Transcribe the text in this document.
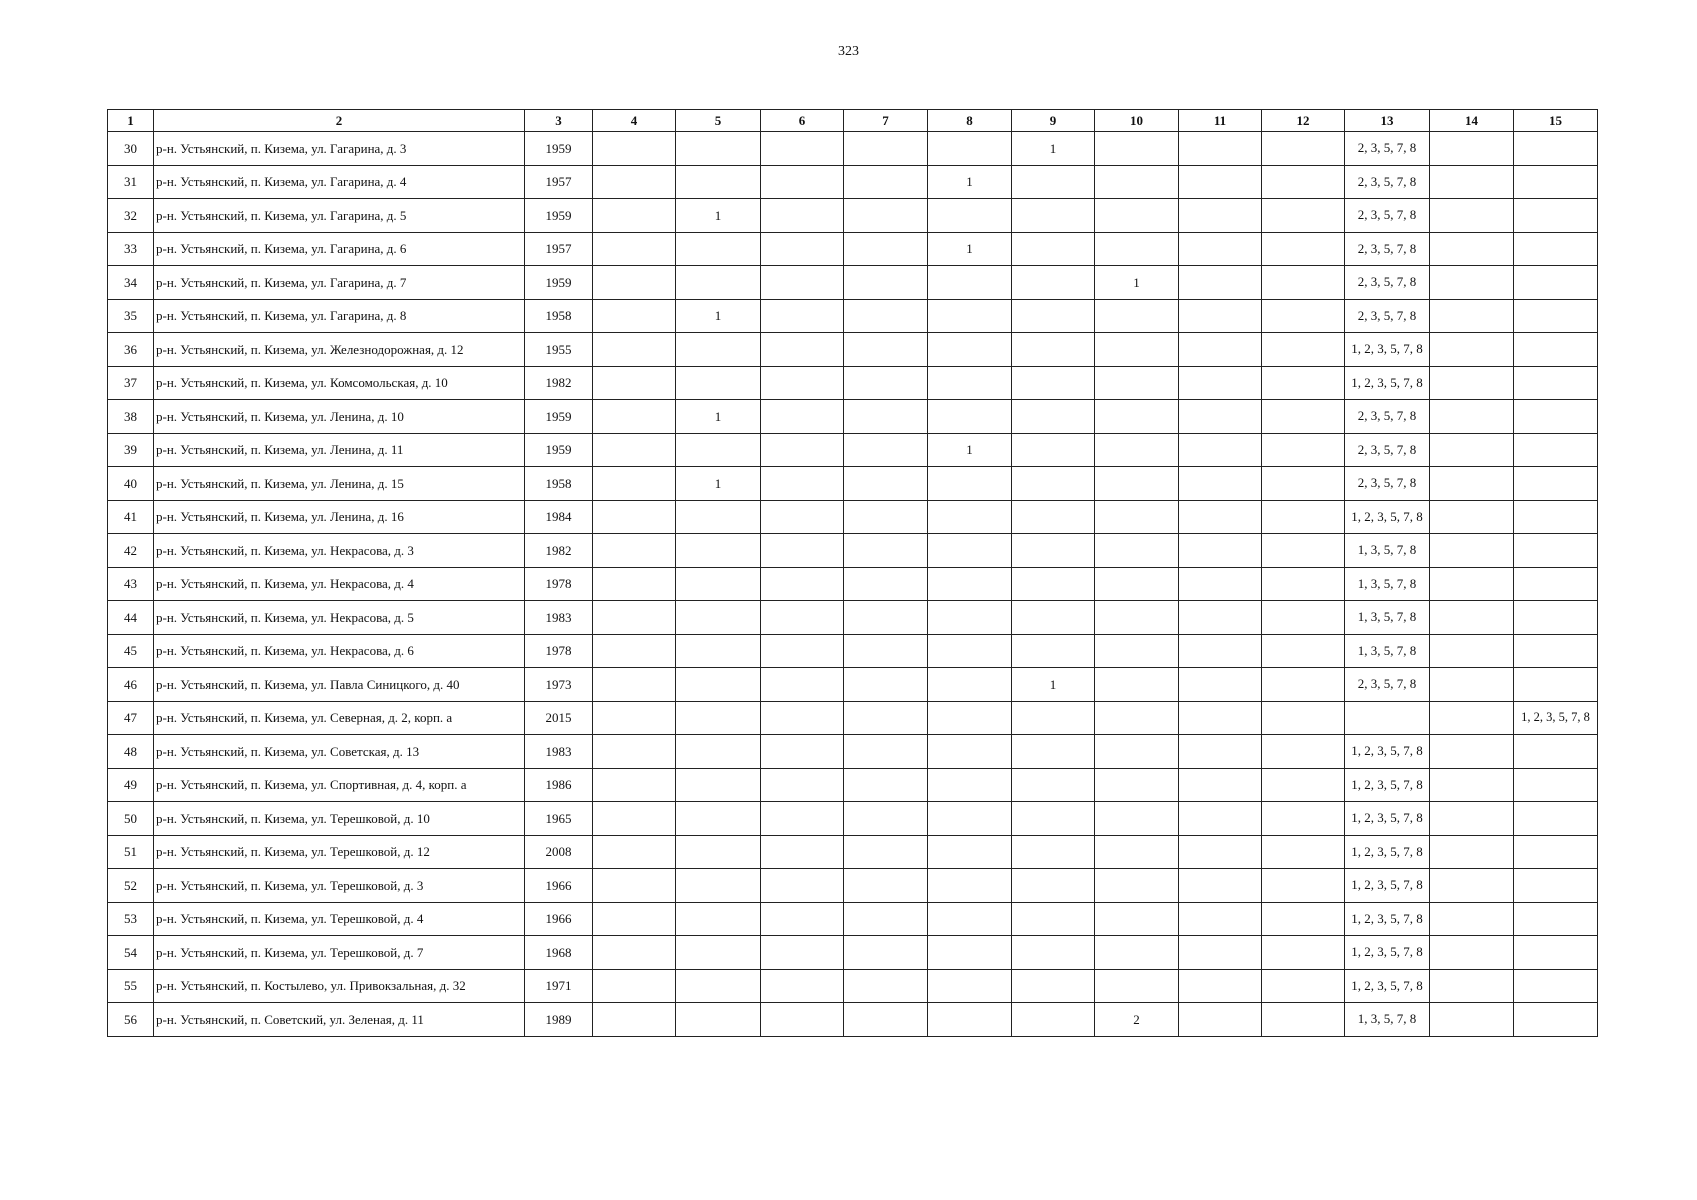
323
1	2	3	4	5	6	7	8	9	10	11	12	13	14	15
30	р-н. Устьянский, п. Кизема, ул. Гагарина, д. 3	1959						1				2, 3, 5, 7, 8		
31	р-н. Устьянский, п. Кизема, ул. Гагарина, д. 4	1957					1					2, 3, 5, 7, 8		
32	р-н. Устьянский, п. Кизема, ул. Гагарина, д. 5	1959		1								2, 3, 5, 7, 8		
33	р-н. Устьянский, п. Кизема, ул. Гагарина, д. 6	1957					1					2, 3, 5, 7, 8		
34	р-н. Устьянский, п. Кизема, ул. Гагарина, д. 7	1959							1			2, 3, 5, 7, 8		
35	р-н. Устьянский, п. Кизема, ул. Гагарина, д. 8	1958		1								2, 3, 5, 7, 8		
36	р-н. Устьянский, п. Кизема, ул. Железнодорожная, д. 12	1955										1, 2, 3, 5, 7, 8		
37	р-н. Устьянский, п. Кизема, ул. Комсомольская, д. 10	1982										1, 2, 3, 5, 7, 8		
38	р-н. Устьянский, п. Кизема, ул. Ленина, д. 10	1959		1								2, 3, 5, 7, 8		
39	р-н. Устьянский, п. Кизема, ул. Ленина, д. 11	1959					1					2, 3, 5, 7, 8		
40	р-н. Устьянский, п. Кизема, ул. Ленина, д. 15	1958		1								2, 3, 5, 7, 8		
41	р-н. Устьянский, п. Кизема, ул. Ленина, д. 16	1984										1, 2, 3, 5, 7, 8		
42	р-н. Устьянский, п. Кизема, ул. Некрасова, д. 3	1982										1, 3, 5, 7, 8		
43	р-н. Устьянский, п. Кизема, ул. Некрасова, д. 4	1978										1, 3, 5, 7, 8		
44	р-н. Устьянский, п. Кизема, ул. Некрасова, д. 5	1983										1, 3, 5, 7, 8		
45	р-н. Устьянский, п. Кизема, ул. Некрасова, д. 6	1978										1, 3, 5, 7, 8		
46	р-н. Устьянский, п. Кизема, ул. Павла Синицкого, д. 40	1973						1				2, 3, 5, 7, 8		
47	р-н. Устьянский, п. Кизема, ул. Северная, д. 2, корп. а	2015												1, 2, 3, 5, 7, 8
48	р-н. Устьянский, п. Кизема, ул. Советская, д. 13	1983										1, 2, 3, 5, 7, 8		
49	р-н. Устьянский, п. Кизема, ул. Спортивная, д. 4, корп. а	1986										1, 2, 3, 5, 7, 8		
50	р-н. Устьянский, п. Кизема, ул. Терешковой, д. 10	1965										1, 2, 3, 5, 7, 8		
51	р-н. Устьянский, п. Кизема, ул. Терешковой, д. 12	2008										1, 2, 3, 5, 7, 8		
52	р-н. Устьянский, п. Кизема, ул. Терешковой, д. 3	1966										1, 2, 3, 5, 7, 8		
53	р-н. Устьянский, п. Кизема, ул. Терешковой, д. 4	1966										1, 2, 3, 5, 7, 8		
54	р-н. Устьянский, п. Кизема, ул. Терешковой, д. 7	1968										1, 2, 3, 5, 7, 8		
55	р-н. Устьянский, п. Костылево, ул. Привокзальная, д. 32	1971										1, 2, 3, 5, 7, 8		
56	р-н. Устьянский, п. Советский, ул. Зеленая, д. 11	1989							2			1, 3, 5, 7, 8		
